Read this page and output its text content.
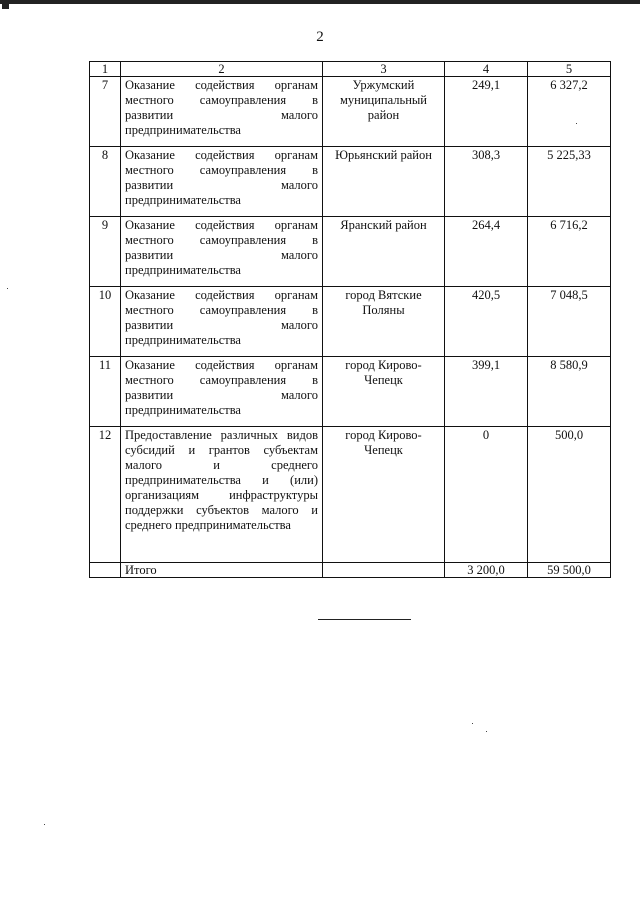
2
1	2	3	4	5
7	Оказание содействия органам местного самоуправления в развитии малого предпринимательства	Уржумский муниципальный район	249,1	6 327,2
8	Оказание содействия органам местного самоуправления в развитии малого предпринимательства	Юрьянский район	308,3	5 225,33
9	Оказание содействия органам местного самоуправления в развитии малого предпринимательства	Яранский район	264,4	6 716,2
10	Оказание содействия органам местного самоуправления в развитии малого предпринимательства	город Вятские Поляны	420,5	7 048,5
11	Оказание содействия органам местного самоуправления в развитии малого предпринимательства	город Кирово-Чепецк	399,1	8 580,9
12	Предоставление различных видов субсидий и грантов субъектам малого и среднего предпринимательства и (или) организациям инфраструктуры поддержки субъектов малого и среднего предпринимательства	город Кирово-Чепецк	0	500,0
	Итого		3 200,0	59 500,0
